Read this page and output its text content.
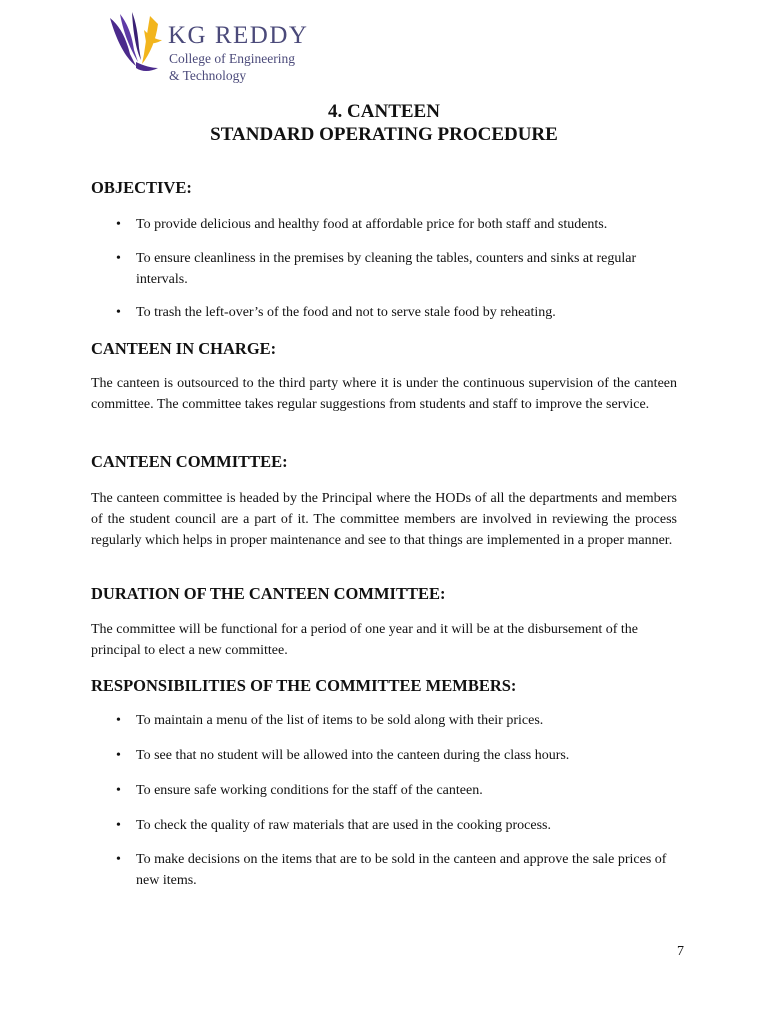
KG REDDY
College of Engineering
& Technology
4. CANTEEN
STANDARD OPERATING PROCEDURE
OBJECTIVE:
• To provide delicious and healthy food at affordable price for both staff and students.
• To ensure cleanliness in the premises by cleaning the tables, counters and sinks at regular intervals.
• To trash the left-over’s of the food and not to serve stale food by reheating.
CANTEEN IN CHARGE:
The canteen is outsourced to the third party where it is under the continuous supervision of the canteen committee. The committee takes regular suggestions from students and staff to improve the service.
CANTEEN COMMITTEE:
The canteen committee is headed by the Principal where the HODs of all the departments and members of the student council are a part of it. The committee members are involved in reviewing the process regularly which helps in proper maintenance and see to that things are implemented in a proper manner.
DURATION OF THE CANTEEN COMMITTEE:
The committee will be functional for a period of one year and it will be at the disbursement of the principal to elect a new committee.
RESPONSIBILITIES OF THE COMMITTEE MEMBERS:
• To maintain a menu of the list of items to be sold along with their prices.
• To see that no student will be allowed into the canteen during the class hours.
• To ensure safe working conditions for the staff of the canteen.
• To check the quality of raw materials that are used in the cooking process.
• To make decisions on the items that are to be sold in the canteen and approve the sale prices of new items.
7
